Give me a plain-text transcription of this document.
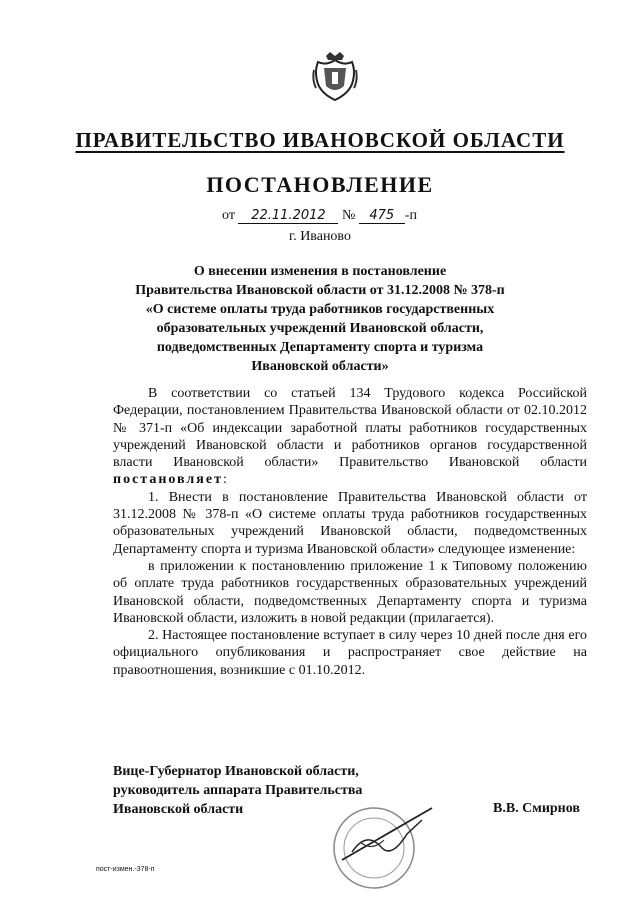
ПРАВИТЕЛЬСТВО ИВАНОВСКОЙ ОБЛАСТИ
ПОСТАНОВЛЕНИЕ
от 22.11.2012 № 475 -п
г. Иваново
О внесении изменения в постановление
Правительства Ивановской области от 31.12.2008 № 378-п
«О системе оплаты труда работников государственных
образовательных учреждений Ивановской области,
подведомственных Департаменту спорта и туризма
Ивановской области»

В соответствии со статьей 134 Трудового кодекса Российской Федерации, постановлением Правительства Ивановской области от 02.10.2012 № 371-п «Об индексации заработной платы работников государственных учреждений Ивановской области и работников органов государственной власти Ивановской области» Правительство Ивановской области постановляет:

1. Внести в постановление Правительства Ивановской области от 31.12.2008 № 378-п «О системе оплаты труда работников государственных образовательных учреждений Ивановской области, подведомственных Департаменту спорта и туризма Ивановской области» следующее изменение:

в приложении к постановлению приложение 1 к Типовому положению об оплате труда работников государственных образовательных учреждений Ивановской области, подведомственных Департаменту спорта и туризма Ивановской области, изложить в новой редакции (прилагается).

2. Настоящее постановление вступает в силу через 10 дней после дня его официального опубликования и распространяет свое действие на правоотношения, возникшие с 01.10.2012.

Вице-Губернатор Ивановской области,
руководитель аппарата Правительства
Ивановской области	В.В. Смирнов
пост-измен.-378-п
